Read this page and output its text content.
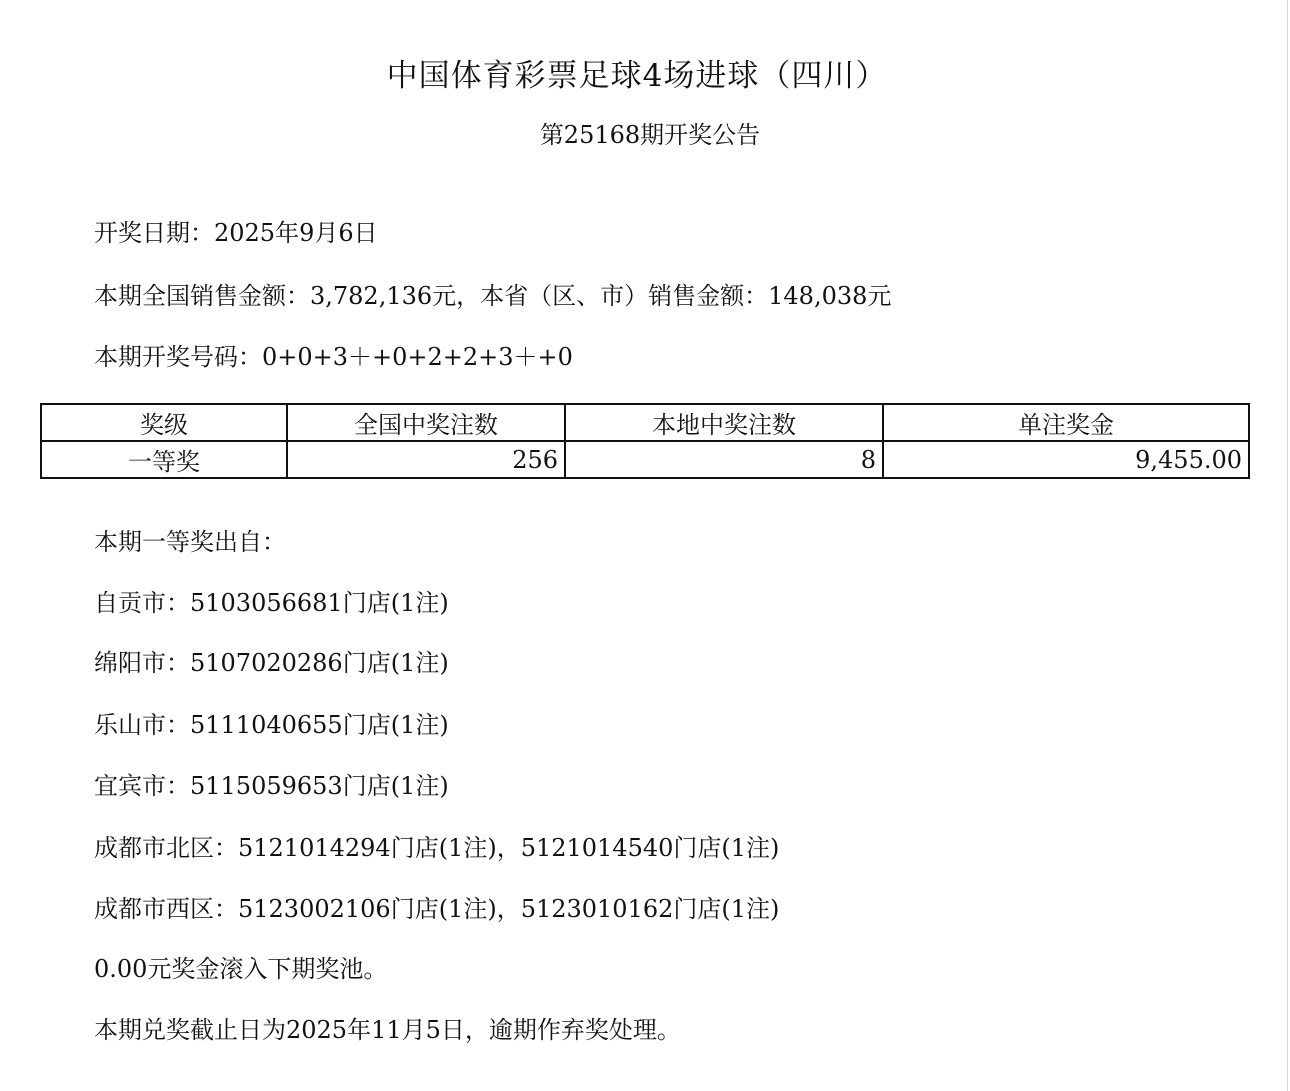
中国体育彩票足球4场进球（四川）
第25168期开奖公告
开奖日期：2025年9月6日
本期全国销售金额：3,782,136元，本省（区、市）销售金额：148,038元
本期开奖号码：0+0+3＋+0+2+2+3＋+0
奖级	全国中奖注数	本地中奖注数	单注奖金
一等奖	256	8	9,455.00
本期一等奖出自：
自贡市：5103056681门店(1注)
绵阳市：5107020286门店(1注)
乐山市：5111040655门店(1注)
宜宾市：5115059653门店(1注)
成都市北区：5121014294门店(1注)，5121014540门店(1注)
成都市西区：5123002106门店(1注)，5123010162门店(1注)
0.00元奖金滚入下期奖池。
本期兑奖截止日为2025年11月5日，逾期作弃奖处理。
